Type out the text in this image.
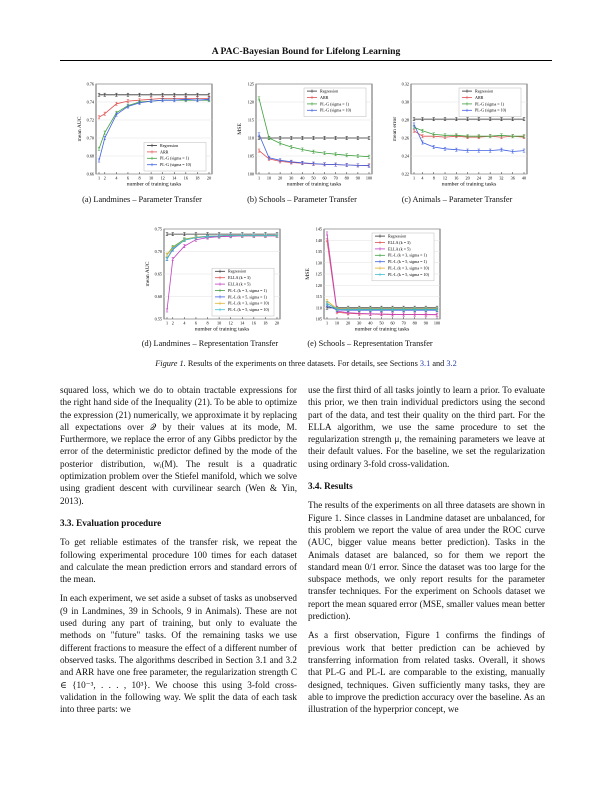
A PAC-Bayesian Bound for Lifelong Learning
0.66
0.68
0.70
0.72
0.74
0.76
1 2 4 6 8 10 12 14 16 18 20
number of training tasks
mean AUC
Regression
ARR
PL-G (sigma = 1)
PL-G (sigma = 10)
100
105
110
115
120
125
1 10 20 30 40 50 60 70 80 90 100
number of training tasks
MSE
Regression
ARR
PL-G (sigma = 1)
PL-G (sigma = 10)
0.22
0.24
0.26
0.28
0.30
0.32
1 4 8 12 16 20 24 28 32 36 40
number of training tasks
mean error
Regression
ARR
PL-G (sigma = 1)
PL-G (sigma = 10)
0.55
0.60
0.65
0.70
0.75
1 2 4 6 8 10 12 14 16 18 20
number of training tasks
mean AUC	Regression
ELLA (k = 3)
ELLA (k = 5)
PL-L (k = 3, sigma = 1)
PL-L (k = 5, sigma = 1)
PL-L (k = 3, sigma = 10)
PL-L (k = 5, sigma = 10)
105
110
115
120
125
130
135
140
145
1 10 20 30 40 50 60 70 80 90 100
number of training tasks
MSE
Regression
ELLA (k = 3)
ELLA (k = 5)
PL-L (k = 3, sigma = 1)
PL-L (k = 5, sigma = 1)
PL-L (k = 3, sigma = 10)
PL-L (k = 5, sigma = 10)
(a) Landmines – Parameter Transfer	(b) Schools – Parameter Transfer	(c) Animals – Parameter Transfer
(d) Landmines – Representation Transfer	(e) Schools – Representation Transfer
Figure 1. Results of the experiments on three datasets. For details, see Sections 3.1 and 3.2

squared loss, which we do to obtain tractable expressions for the right hand side of the Inequality (21). To be able to optimize the expression (21) numerically, we approximate it by replacing all expectations over 𝒬 by their values at its mode, M. Furthermore, we replace the error of any Gibbs predictor by the error of the deterministic predictor defined by the mode of the posterior distribution, wᵢ(M). The result is a quadratic optimization problem over the Stiefel manifold, which we solve using gradient descent with curvilinear search (Wen & Yin, 2013).

3.3. Evaluation procedure

To get reliable estimates of the transfer risk, we repeat the following experimental procedure 100 times for each dataset and calculate the mean prediction errors and standard errors of the mean.

In each experiment, we set aside a subset of tasks as unobserved (9 in Landmines, 39 in Schools, 9 in Animals). These are not used during any part of training, but only to evaluate the methods on "future" tasks. Of the remaining tasks we use different fractions to measure the effect of a different number of observed tasks. The algorithms described in Section 3.1 and 3.2 and ARR have one free parameter, the regularization strength C ∈ {10⁻³, . . . , 10³}. We choose this using 3-fold cross-validation in the following way. We split the data of each task into three parts: we

use the first third of all tasks jointly to learn a prior. To evaluate this prior, we then train individual predictors using the second part of the data, and test their quality on the third part. For the ELLA algorithm, we use the same procedure to set the regularization strength μ, the remaining parameters we leave at their default values. For the baseline, we set the regularization using ordinary 3-fold cross-validation.

3.4. Results

The results of the experiments on all three datasets are shown in Figure 1. Since classes in Landmine dataset are unbalanced, for this problem we report the value of area under the ROC curve (AUC, bigger value means better prediction). Tasks in the Animals dataset are balanced, so for them we report the standard mean 0/1 error. Since the dataset was too large for the subspace methods, we only report results for the parameter transfer techniques. For the experiment on Schools dataset we report the mean squared error (MSE, smaller values mean better prediction).

As a first observation, Figure 1 confirms the findings of previous work that better prediction can be achieved by transferring information from related tasks. Overall, it shows that PL-G and PL-L are comparable to the existing, manually designed, techniques. Given sufficiently many tasks, they are able to improve the prediction accuracy over the baseline. As an illustration of the hyperprior concept, we
